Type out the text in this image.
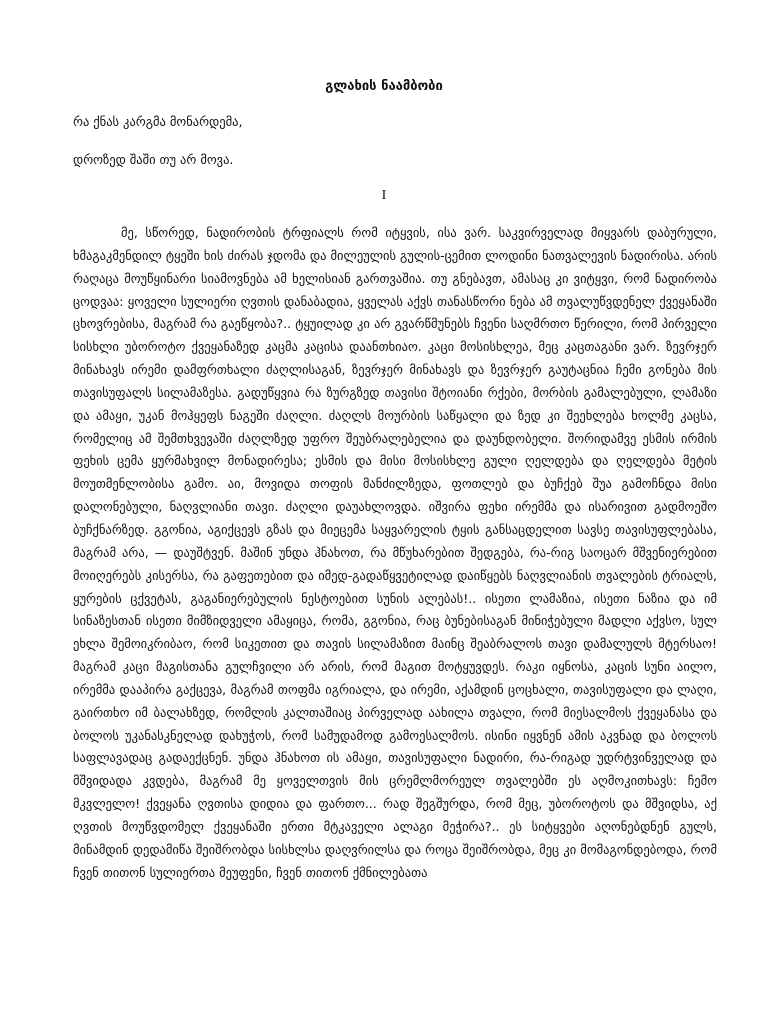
გლახის ნაამბობი
რა ქნას კარგმა მონარდემა,
დროზედ შაში თუ არ მოვა.
I

მე, სწორედ, ნადირობის ტრფიალს რომ იტყვის, ისა ვარ. საკვირველად მიყვარს დაბურული, ხმაგაკმენდილ ტყეში ხის ძირას ჯდომა და მილეულის გულის-ცემით ლოდინი ნათვალევის ნადირისა. არის რაღაცა მოუწყინარი სიამოვნება ამ ხელისიან გართვაშია. თუ გნებავთ, ამასაც კი ვიტყვი, რომ ნადირობა ცოდვაა: ყოველი სულიერი ღვთის დანაბადია, ყველას აქვს თანასწორი ნება ამ თვალუწვდენელ ქვეყანაში ცხოვრებისა, მაგრამ რა გაეწყობა?.. ტყუილად კი არ გვარწმუნებს ჩვენი საღმრთო წერილი, რომ პირველი სისხლი უბოროტო ქვეყანაზედ კაცმა კაცისა დაანთხიაო. კაცი მოსისხლეა, მეც კაცთაგანი ვარ. ზევრჯერ მინახავს ირემი დამფრთხალი ძაღლისაგან, ზევრჯერ მინახავს და ზევრჯერ გაუტაცნია ჩემი გონება მის თავისუფალს სილამაზესა. გადუწყვია რა ზურგზედ თავისი შტოიანი რქები, მორბის გამალებული, ლამაზი და ამაყი, უკან მოჰყეფს ნაგეში ძაღლი. ძაღლს მოურბის საწყალი და ზედ კი შეეხლება ხოლმე კაცსა, რომელიც ამ შემთხვევაში ძაღლზედ უფრო შეუბრალებელია და დაუნდობელი. შორიდამვე ესმის ირმის ფეხის ცემა ყურმახვილ მონადირესა; ესმის და მისი მოსისხლე გული ღელდება და ღელდება მეტის მოუთმენლობისა გამო. აი, მოვიდა თოფის მანძილზედა, ფოთლებ და ბუჩქებ შუა გამოჩნდა მისი დალონებული, ნაღვლიანი თავი. ძაღლი დაუახლოვდა. იშვირა ფეხი ირემმა და ისარივით გადმოეშო ბუჩქნარზედ. გგონია, აგიქცევს გზას და მიეცემა საყვარელის ტყის განსაცდელით სავსე თავისუფლებასა, მაგრამ არა, — დაუშტვენ. მაშინ უნდა ჰნახოთ, რა მწუხარებით შედგება, რა-რიგ საოცარ მშვენიერებით მოიღერებს კისერსა, რა გაფეთებით და იმედ-გადაწყვეტილად დაიწყებს ნაღვლიანის თვალების ტრიალს, ყურების ცქვეტას, გაგანიერებულის ნესტოებით სუნის ალებას!.. ისეთი ლამაზია, ისეთი ნაზია და იმ სინაზესთან ისეთი მიმზიდველი ამაყიცა, რომა, გგონია, რაც ბუნებისაგან მინიჭებული მადლი აქვსო, სულ ეხლა შემოიკრიბაო, რომ სიკეთით და თავის სილამაზით მაინც შეაბრალოს თავი დამალულს მტერსაო! მაგრამ კაცი მაგისთანა გულჩვილი არ არის, რომ მაგით მოტყუვდეს. რაკი იყნოსა, კაცის სუნი აილო, ირემმა დააპირა გაქცევა, მაგრამ თოფმა იგრიალა, და ირემი, აქამდინ ცოცხალი, თავისუფალი და ლაღი, გაირთხო იმ ბალახზედ, რომლის კალთაშიაც პირველად აახილა თვალი, რომ მიესალმოს ქვეყანასა და ბოლოს უკანასკნელად დახუჭოს, რომ სამუდამოდ გამოესალმოს. ისინი იყვნენ ამის აკვნად და ბოლოს საფლავადაც გადაექცნენ. უნდა ჰნახოთ ის ამაყი, თავისუფალი ნადირი, რა-რიგად უდრტვინველად და მშვიდადა კვდება, მაგრამ მე ყოველთვის მის ცრემლმორეულ თვალებში ეს აღმოკითხავს: ჩემო მკვლელო! ქვეყანა ღვთისა დიდია და ფართო... რად შეგშურდა, რომ მეც, უბოროტოს და მშვიდსა, აქ ღვთის მოუწვდომელ ქვეყანაში ერთი მტკაველი ალაგი მეჭირა?.. ეს სიტყვები აღონებდნენ გულს, მინამდინ დედამიწა შეიშრობდა სისხლსა დაღვრილსა და როცა შეიშრობდა, მეც კი მომაგონდებოდა, რომ ჩვენ თითონ სულიერთა მეუფენი, ჩვენ თითონ ქმნილებათა
